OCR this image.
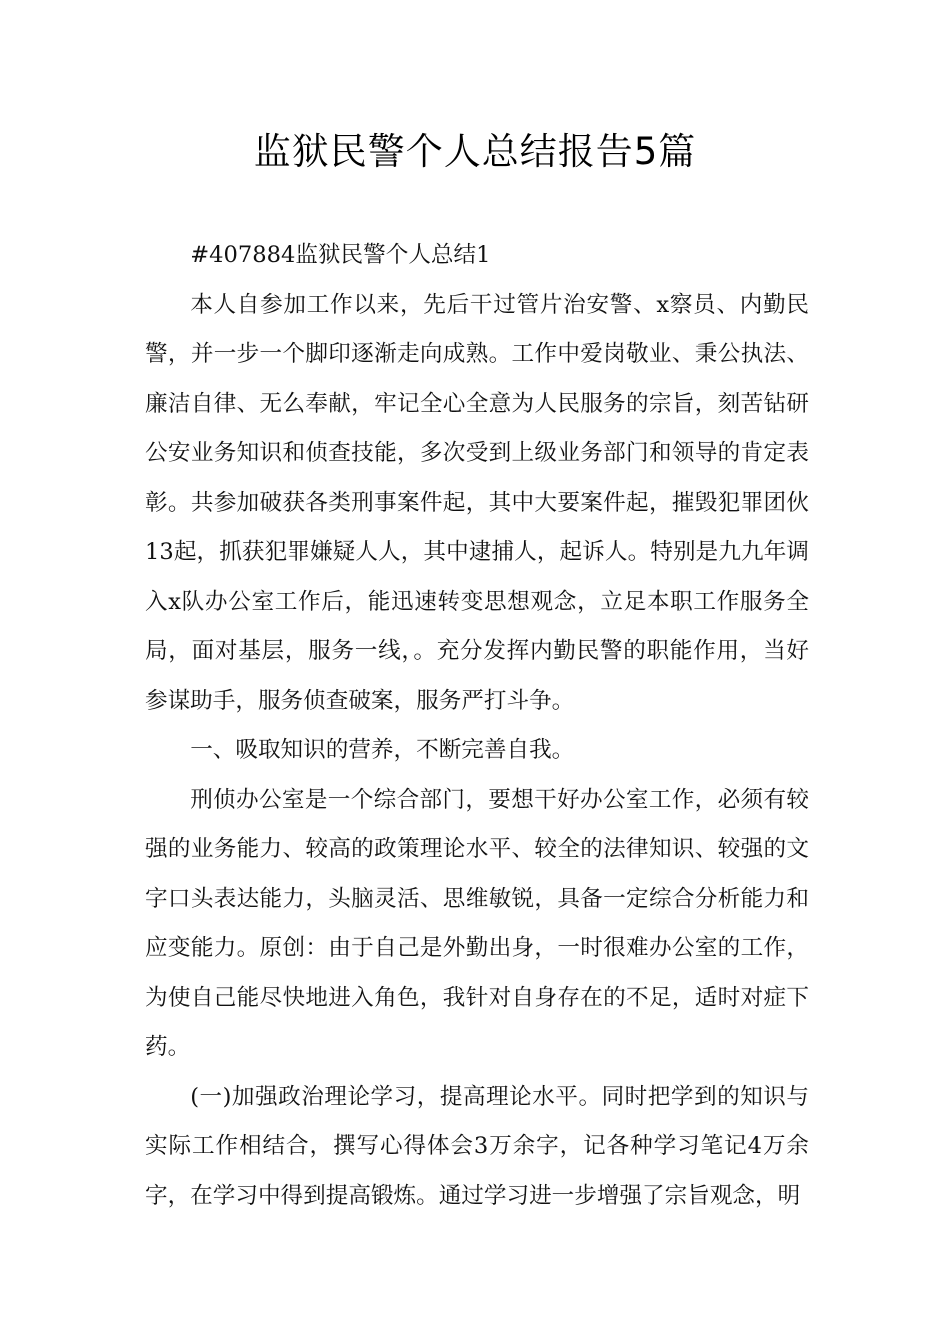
监狱民警个人总结报告5篇

#407884监狱民警个人总结1

本人自参加工作以来，先后干过管片治安警、x察员、内勤民警，并一步一个脚印逐渐走向成熟。工作中爱岗敬业、秉公执法、廉洁自律、无么奉献，牢记全心全意为人民服务的宗旨，刻苦钻研公安业务知识和侦查技能，多次受到上级业务部门和领导的肯定表彰。共参加破获各类刑事案件起，其中大要案件起，摧毁犯罪团伙13起，抓获犯罪嫌疑人人，其中逮捕人，起诉人。特别是九九年调入x队办公室工作后，能迅速转变思想观念，立足本职工作服务全局，面对基层，服务一线，。充分发挥内勤民警的职能作用，当好参谋助手，服务侦查破案，服务严打斗争。

一、吸取知识的营养，不断完善自我。

刑侦办公室是一个综合部门，要想干好办公室工作，必须有较强的业务能力、较高的政策理论水平、较全的法律知识、较强的文字口头表达能力，头脑灵活、思维敏锐，具备一定综合分析能力和应变能力。原创：由于自己是外勤出身，一时很难办公室的工作，为使自己能尽快地进入角色，我针对自身存在的不足，适时对症下药。

(一)加强政治理论学习，提高理论水平。同时把学到的知识与实际工作相结合，撰写心得体会3万余字，记各种学习笔记4万余字，在学习中得到提高锻炼。通过学习进一步增强了宗旨观念，明
